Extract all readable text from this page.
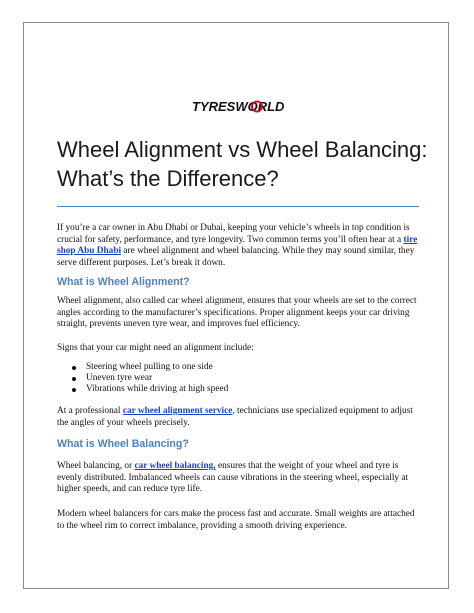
TYRESWORLD
Wheel Alignment vs Wheel Balancing: What’s the Difference?

If you’re a car owner in Abu Dhabi or Dubai, keeping your vehicle’s wheels in top condition is crucial for safety, performance, and tyre longevity. Two common terms you’ll often hear at a tire shop Abu Dhabi are wheel alignment and wheel balancing. While they may sound similar, they serve different purposes. Let’s break it down.

What is Wheel Alignment?

Wheel alignment, also called car wheel alignment, ensures that your wheels are set to the correct angles according to the manufacturer’s specifications. Proper alignment keeps your car driving straight, prevents uneven tyre wear, and improves fuel efficiency.

Signs that your car might need an alignment include:

Steering wheel pulling to one side
Uneven tyre wear
Vibrations while driving at high speed

At a professional car wheel alignment service, technicians use specialized equipment to adjust the angles of your wheels precisely.

What is Wheel Balancing?

Wheel balancing, or car wheel balancing, ensures that the weight of your wheel and tyre is evenly distributed. Imbalanced wheels can cause vibrations in the steering wheel, especially at higher speeds, and can reduce tyre life.

Modern wheel balancers for cars make the process fast and accurate. Small weights are attached to the wheel rim to correct imbalance, providing a smooth driving experience.
